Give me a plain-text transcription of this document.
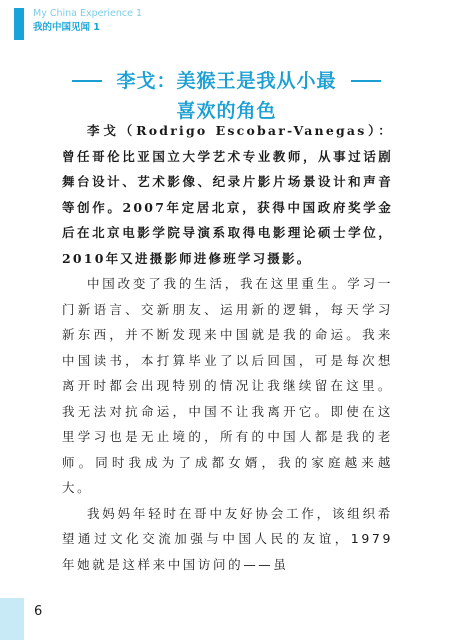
My China Experience 1
我的中国见闻 1
李戈：美猴王是我从小最
喜欢的角色

李戈（Rodrigo Escobar-Vanegas）：曾任哥伦比亚国立大学艺术专业教师，从事过话剧舞台设计、艺术影像、纪录片影片场景设计和声音等创作。2007年定居北京，获得中国政府奖学金后在北京电影学院导演系取得电影理论硕士学位，2010年又进摄影师进修班学习摄影。

中国改变了我的生活，我在这里重生。学习一门新语言、交新朋友、运用新的逻辑，每天学习新东西，并不断发现来中国就是我的命运。我来中国读书，本打算毕业了以后回国，可是每次想离开时都会出现特别的情况让我继续留在这里。我无法对抗命运，中国不让我离开它。即使在这里学习也是无止境的，所有的中国人都是我的老师。同时我成为了成都女婿，我的家庭越来越大。

我妈妈年轻时在哥中友好协会工作，该组织希望通过文化交流加强与中国人民的友谊，1979 年她就是这样来中国访问的——虽

6
